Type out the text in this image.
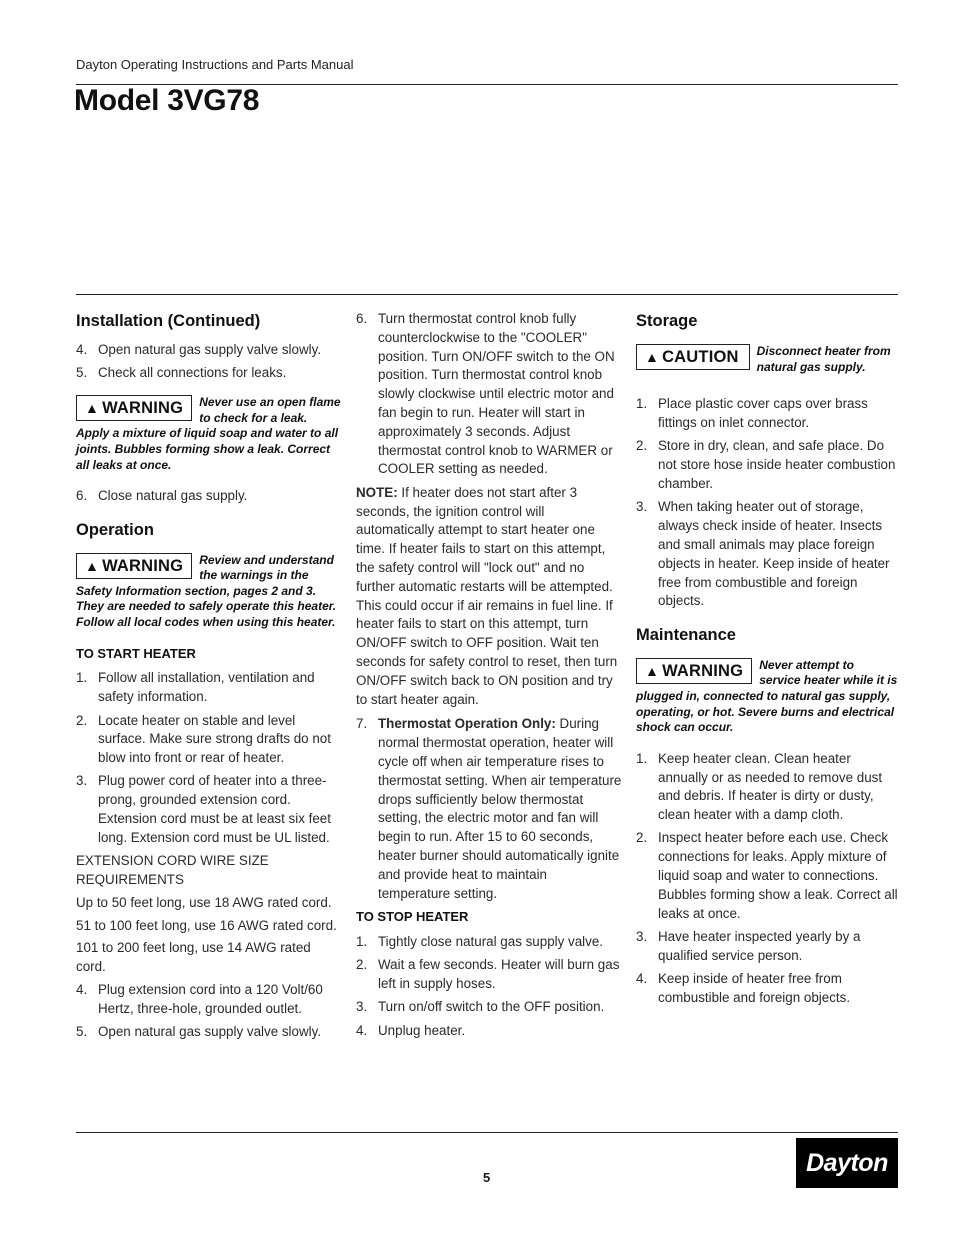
Dayton Operating Instructions and Parts Manual
Model 3VG78
Installation (Continued)
4. Open natural gas supply valve slowly.
5. Check all connections for leaks.
▲ WARNING	Never use an open flame to check for a leak. Apply a mixture of liquid soap and water to all joints. Bubbles forming show a leak. Correct all leaks at once.
6. Close natural gas supply.
Operation
▲ WARNING	Review and understand the warnings in the Safety Information section, pages 2 and 3. They are needed to safely operate this heater. Follow all local codes when using this heater.
TO START HEATER
1. Follow all installation, ventilation and safety information.
2. Locate heater on stable and level surface. Make sure strong drafts do not blow into front or rear of heater.
3. Plug power cord of heater into a three-prong, grounded extension cord. Extension cord must be at least six feet long. Extension cord must be UL listed.
EXTENSION CORD WIRE SIZE REQUIREMENTS
Up to 50 feet long, use 18 AWG rated cord.
51 to 100 feet long, use 16 AWG rated cord.
101 to 200 feet long, use 14 AWG rated cord.
4. Plug extension cord into a 120 Volt/60 Hertz, three-hole, grounded outlet.
5. Open natural gas supply valve slowly.
6. Turn thermostat control knob fully counterclockwise to the "COOLER" position. Turn ON/OFF switch to the ON position. Turn thermostat control knob slowly clockwise until electric motor and fan begin to run. Heater will start in approximately 3 seconds. Adjust thermostat control knob to WARMER or COOLER setting as needed.
NOTE: If heater does not start after 3 seconds, the ignition control will automatically attempt to start heater one time. If heater fails to start on this attempt, the safety control will "lock out" and no further automatic restarts will be attempted. This could occur if air remains in fuel line. If heater fails to start on this attempt, turn ON/OFF switch to OFF position. Wait ten seconds for safety control to reset, then turn ON/OFF switch back to ON position and try to start heater again.
7. Thermostat Operation Only: During normal thermostat operation, heater will cycle off when air temperature rises to thermostat setting. When air temperature drops sufficiently below thermostat setting, the electric motor and fan will begin to run. After 15 to 60 seconds, heater burner should automatically ignite and provide heat to maintain temperature setting.
TO STOP HEATER
1. Tightly close natural gas supply valve.
2. Wait a few seconds. Heater will burn gas left in supply hoses.
3. Turn on/off switch to the OFF position.
4. Unplug heater.
Storage
▲ CAUTION	Disconnect heater from natural gas supply.
1. Place plastic cover caps over brass fittings on inlet connector.
2. Store in dry, clean, and safe place. Do not store hose inside heater combustion chamber.
3. When taking heater out of storage, always check inside of heater. Insects and small animals may place foreign objects in heater. Keep inside of heater free from combustible and foreign objects.
Maintenance
▲ WARNING	Never attempt to service heater while it is plugged in, connected to natural gas supply, operating, or hot. Severe burns and electrical shock can occur.
1. Keep heater clean. Clean heater annually or as needed to remove dust and debris. If heater is dirty or dusty, clean heater with a damp cloth.
2. Inspect heater before each use. Check connections for leaks. Apply mixture of liquid soap and water to connections. Bubbles forming show a leak. Correct all leaks at once.
3. Have heater inspected yearly by a qualified service person.
4. Keep inside of heater free from combustible and foreign objects.
5
Dayton
